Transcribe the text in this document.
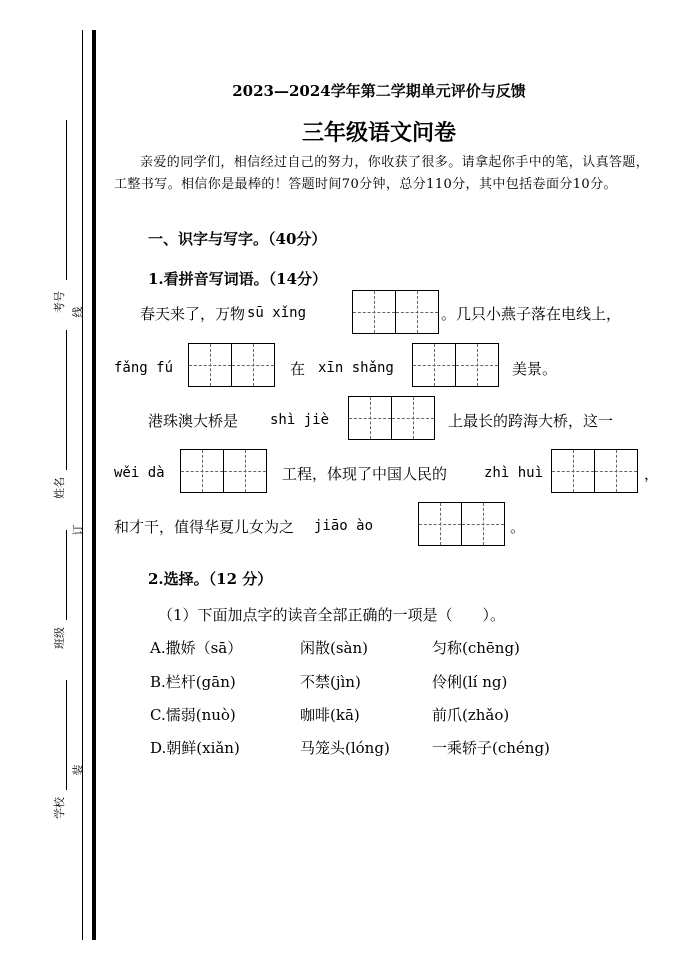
考号 线
姓名
订
班级
装
学校
2023—2024学年第二学期单元评价与反馈
三年级语文问卷
亲爱的同学们，相信经过自己的努力，你收获了很多。请拿起你手中的笔，认真答题，工整书写。相信你是最棒的！答题时间70分钟，总分110分，其中包括卷面分10分。
一、识字与写字。（40分）
1.看拼音写词语。（14分）
春天来了，万物 sū xǐng	。几只小燕子落在电线上，
fǎng fú	在 xīn shǎng	美景。
港珠澳大桥是 shì jiè	上最长的跨海大桥，这一
wěi dà	工程，体现了中国人民的	zhì huì	，
和才干，值得华夏儿女为之 jiāo ào	。
2.选择。（12 分）
（1）下面加点字的读音全部正确的一项是（　　）。
A.撒娇（sā）	闲散(sàn)	匀称(chēng)
B.栏杆(gān)	不禁(jìn)	伶俐(lí ng)
C.懦弱(nuò)	咖啡(kā)	前爪(zhǎo)
D.朝鲜(xiǎn)	马笼头(lóng)	一乘轿子(chéng)
